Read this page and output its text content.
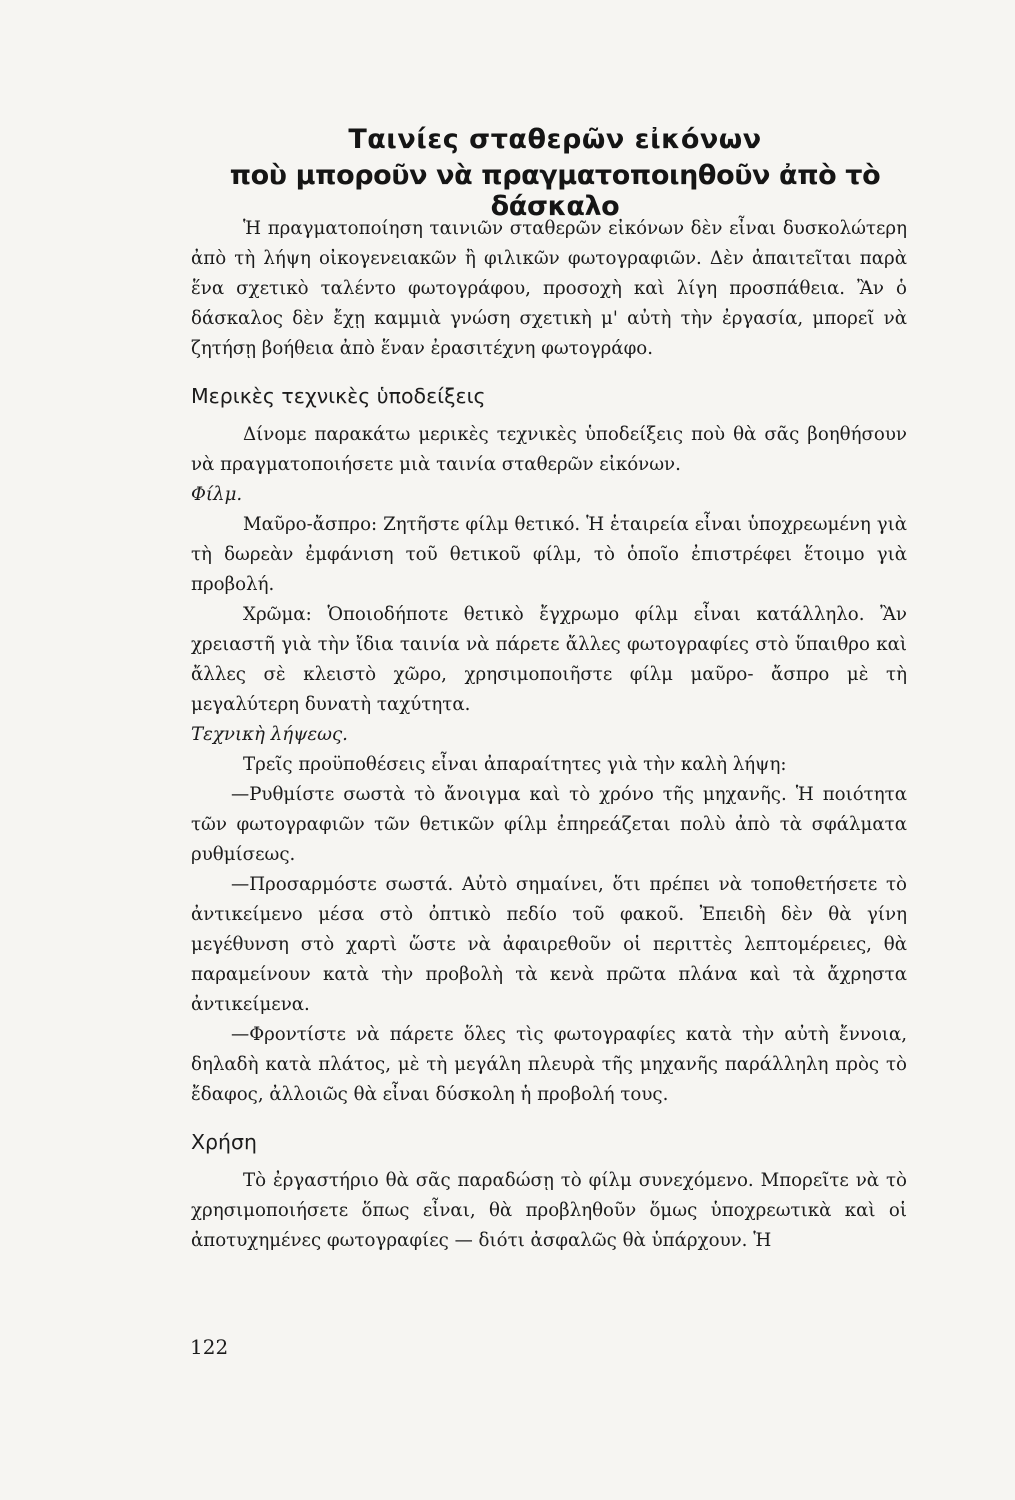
Ταινίες σταθερῶν εἰκόνων
ποὺ μποροῦν νὰ πραγματοποιηθοῦν ἀπὸ τὸ δάσκαλο

Ἡ πραγματοποίηση ταινιῶν σταθερῶν εἰκόνων δὲν εἶναι δυσκολώτερη ἀπὸ τὴ λήψη οἰκογενειακῶν ἢ φιλικῶν φωτογραφιῶν. Δὲν ἀπαιτεῖται παρὰ ἕνα σχετικὸ ταλέντο φωτογράφου, προσοχὴ καὶ λίγη προσπάθεια. Ἂν ὁ δάσκαλος δὲν ἔχῃ καμμιὰ γνώση σχετικὴ μ' αὐτὴ τὴν ἐργασία, μπορεῖ νὰ ζητήσῃ βοήθεια ἀπὸ ἕναν ἐρασιτέχνη φωτογράφο.

Μερικὲς τεχνικὲς ὑποδείξεις

Δίνομε παρακάτω μερικὲς τεχνικὲς ὑποδείξεις ποὺ θὰ σᾶς βοηθήσουν νὰ πραγματοποιήσετε μιὰ ταινία σταθερῶν εἰκόνων.

Φίλμ.

Μαῦρο-ἄσπρο: Ζητῆστε φίλμ θετικό. Ἡ ἑταιρεία εἶναι ὑποχρεωμένη γιὰ τὴ δωρεὰν ἐμφάνιση τοῦ θετικοῦ φίλμ, τὸ ὁποῖο ἐπιστρέφει ἕτοιμο γιὰ προβολή.

Χρῶμα: Ὁποιοδήποτε θετικὸ ἔγχρωμο φίλμ εἶναι κατάλληλο. Ἂν χρειαστῆ γιὰ τὴν ἴδια ταινία νὰ πάρετε ἄλλες φωτογραφίες στὸ ὕπαιθρο καὶ ἄλλες σὲ κλειστὸ χῶρο, χρησιμοποιῆστε φίλμ μαῦρο- ἄσπρο μὲ τὴ μεγαλύτερη δυνατὴ ταχύτητα.

Τεχνικὴ λήψεως.

Τρεῖς προϋποθέσεις εἶναι ἀπαραίτητες γιὰ τὴν καλὴ λήψη:

—Ρυθμίστε σωστὰ τὸ ἄνοιγμα καὶ τὸ χρόνο τῆς μηχανῆς. Ἡ ποιότητα τῶν φωτογραφιῶν τῶν θετικῶν φίλμ ἐπηρεάζεται πολὺ ἀπὸ τὰ σφάλματα ρυθμίσεως.

—Προσαρμόστε σωστά. Αὐτὸ σημαίνει, ὅτι πρέπει νὰ τοποθετήσετε τὸ ἀντικείμενο μέσα στὸ ὀπτικὸ πεδίο τοῦ φακοῦ. Ἐπειδὴ δὲν θὰ γίνη μεγέθυνση στὸ χαρτὶ ὥστε νὰ ἀφαιρεθοῦν οἱ περιττὲς λεπτομέρειες, θὰ παραμείνουν κατὰ τὴν προβολὴ τὰ κενὰ πρῶτα πλάνα καὶ τὰ ἄχρηστα ἀντικείμενα.

—Φροντίστε νὰ πάρετε ὅλες τὶς φωτογραφίες κατὰ τὴν αὐτὴ ἔννοια, δηλαδὴ κατὰ πλάτος, μὲ τὴ μεγάλη πλευρὰ τῆς μηχανῆς παράλληλη πρὸς τὸ ἔδαφος, ἀλλοιῶς θὰ εἶναι δύσκολη ἡ προβολή τους.

Χρήση

Τὸ ἐργαστήριο θὰ σᾶς παραδώσῃ τὸ φίλμ συνεχόμενο. Μπορεῖτε νὰ τὸ χρησιμοποιήσετε ὅπως εἶναι, θὰ προβληθοῦν ὅμως ὑποχρεωτικὰ καὶ οἱ ἀποτυχημένες φωτογραφίες — διότι ἀσφαλῶς θὰ ὑπάρχουν. Ἡ

122
